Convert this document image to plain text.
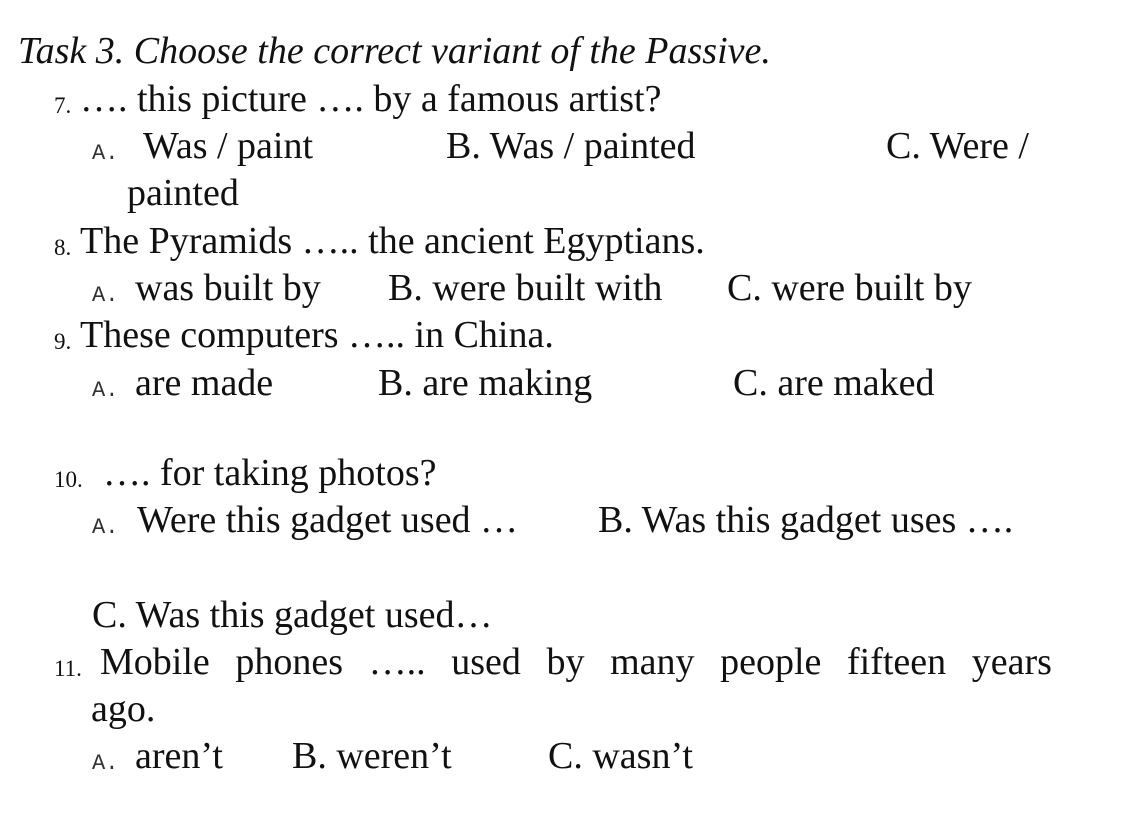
Task 3. Choose the correct variant of the Passive.
7. …. this picture …. by a famous artist?
A. Was / paint	B. Was / painted	C. Were /
painted
8. The Pyramids ….. the ancient Egyptians.
A. was built by B. were built with C. were built by
9. These computers ….. in China.
A. are made	B. are making	C. are maked
10. …. for taking photos?
A. Were this gadget used … B. Was this gadget uses ….
C. Was this gadget used…
11. Mobile phones ….. used by many people fifteen years
ago.
A. aren’t B. weren’t	C. wasn’t
